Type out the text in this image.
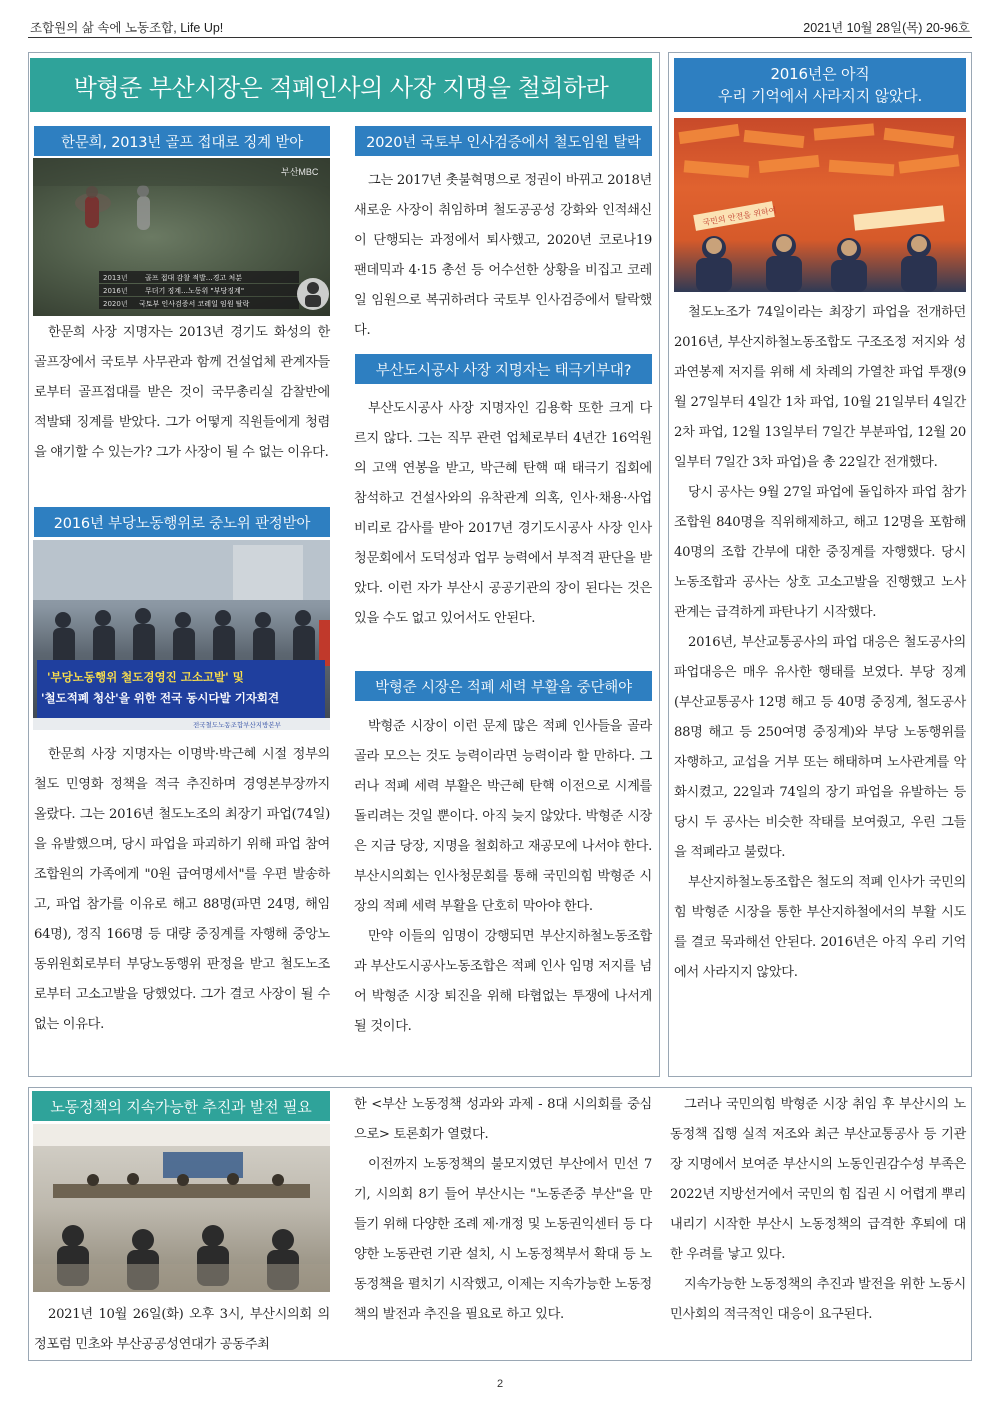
조합원의 삶 속에 노동조합, Life Up!	2021년 10월 28일(목) 20-96호
박형준 부산시장은 적폐인사의 사장 지명을 철회하라
한문희, 2013년 골프 접대로 징계 받아
부산MBC
2013년 골프 접대 감찰 적발…경고 처분
2016년 무더기 징계…노동위 "부당징계"
2020년 국토부 인사검증서 코레일 임원 탈락

한문희 사장 지명자는 2013년 경기도 화성의 한 골프장에서 국토부 사무관과 함께 건설업체 관계자들로부터 골프접대를 받은 것이 국무총리실 감찰반에 적발돼 징계를 받았다. 그가 어떻게 직원들에게 청렴을 얘기할 수 있는가? 그가 사장이 될 수 없는 이유다.

2016년 부당노동행위로 중노위 판정받아
'부당노동행위 철도경영진 고소고발' 및
'철도적폐 청산'을 위한 전국 동시다발 기자회견
전국철도노동조합부산지방본부

한문희 사장 지명자는 이명박·박근혜 시절 정부의 철도 민영화 정책을 적극 추진하며 경영본부장까지 올랐다. 그는 2016년 철도노조의 최장기 파업(74일)을 유발했으며, 당시 파업을 파괴하기 위해 파업 참여 조합원의 가족에게 "0원 급여명세서"를 우편 발송하고, 파업 참가를 이유로 해고 88명(파면 24명, 해임 64명), 정직 166명 등 대량 중징계를 자행해 중앙노동위원회로부터 부당노동행위 판정을 받고 철도노조로부터 고소고발을 당했었다. 그가 결코 사장이 될 수 없는 이유다.

2020년 국토부 인사검증에서 철도임원 탈락

그는 2017년 촛불혁명으로 정권이 바뀌고 2018년 새로운 사장이 취임하며 철도공공성 강화와 인적쇄신이 단행되는 과정에서 퇴사했고, 2020년 코로나19 팬데믹과 4·15 총선 등 어수선한 상황을 비집고 코레일 임원으로 복귀하려다 국토부 인사검증에서 탈락했다.

부산도시공사 사장 지명자는 태극기부대?

부산도시공사 사장 지명자인 김용학 또한 크게 다르지 않다. 그는 직무 관련 업체로부터 4년간 16억원의 고액 연봉을 받고, 박근혜 탄핵 때 태극기 집회에 참석하고 건설사와의 유착관계 의혹, 인사·채용·사업비리로 감사를 받아 2017년 경기도시공사 사장 인사청문회에서 도덕성과 업무 능력에서 부적격 판단을 받았다. 이런 자가 부산시 공공기관의 장이 된다는 것은 있을 수도 없고 있어서도 안된다.

박형준 시장은 적폐 세력 부활을 중단해야

박형준 시장이 이런 문제 많은 적폐 인사들을 골라골라 모으는 것도 능력이라면 능력이라 할 만하다. 그러나 적폐 세력 부활은 박근혜 탄핵 이전으로 시계를 돌리려는 것일 뿐이다. 아직 늦지 않았다. 박형준 시장은 지금 당장, 지명을 철회하고 재공모에 나서야 한다. 부산시의회는 인사청문회를 통해 국민의힘 박형준 시장의 적폐 세력 부활을 단호히 막아야 한다.

만약 이들의 임명이 강행되면 부산지하철노동조합과 부산도시공사노동조합은 적폐 인사 임명 저지를 넘어 박형준 시장 퇴진을 위해 타협없는 투쟁에 나서게 될 것이다.

2016년은 아직
우리 기억에서 사라지지 않았다.
국민의 안전을 위하여

철도노조가 74일이라는 최장기 파업을 전개하던 2016년, 부산지하철노동조합도 구조조정 저지와 성과연봉제 저지를 위해 세 차례의 가열찬 파업 투쟁(9월 27일부터 4일간 1차 파업, 10월 21일부터 4일간 2차 파업, 12월 13일부터 7일간 부분파업, 12월 20일부터 7일간 3차 파업)을 총 22일간 전개했다.

당시 공사는 9월 27일 파업에 돌입하자 파업 참가 조합원 840명을 직위해제하고, 해고 12명을 포함해 40명의 조합 간부에 대한 중징계를 자행했다. 당시 노동조합과 공사는 상호 고소고발을 진행했고 노사관계는 급격하게 파탄나기 시작했다.

2016년, 부산교통공사의 파업 대응은 철도공사의 파업대응은 매우 유사한 행태를 보였다. 부당 징계(부산교통공사 12명 해고 등 40명 중징계, 철도공사 88명 해고 등 250여명 중징계)와 부당 노동행위를 자행하고, 교섭을 거부 또는 해태하며 노사관계를 악화시켰고, 22일과 74일의 장기 파업을 유발하는 등 당시 두 공사는 비슷한 작태를 보여줬고, 우린 그들을 적폐라고 불렀다.

부산지하철노동조합은 철도의 적폐 인사가 국민의힘 박형준 시장을 통한 부산지하철에서의 부활 시도를 결코 묵과해선 안된다. 2016년은 아직 우리 기억에서 사라지지 않았다.

노동정책의 지속가능한 추진과 발전 필요

2021년 10월 26일(화) 오후 3시, 부산시의회 의정포럼 민초와 부산공공성연대가 공동주최

한 <부산 노동정책 성과와 과제 - 8대 시의회를 중심으로> 토론회가 열렸다.

이전까지 노동정책의 불모지였던 부산에서 민선 7기, 시의회 8기 들어 부산시는 "노동존중 부산"을 만들기 위해 다양한 조례 제·개정 및 노동권익센터 등 다양한 노동관련 기관 설치, 시 노동정책부서 확대 등 노동정책을 펼치기 시작했고, 이제는 지속가능한 노동정책의 발전과 추진을 필요로 하고 있다.

그러나 국민의힘 박형준 시장 취임 후 부산시의 노동정책 집행 실적 저조와 최근 부산교통공사 등 기관장 지명에서 보여준 부산시의 노동인권감수성 부족은 2022년 지방선거에서 국민의 힘 집권 시 어렵게 뿌리내리기 시작한 부산시 노동정책의 급격한 후퇴에 대한 우려를 낳고 있다.

지속가능한 노동정책의 추진과 발전을 위한 노동시민사회의 적극적인 대응이 요구된다.

2
